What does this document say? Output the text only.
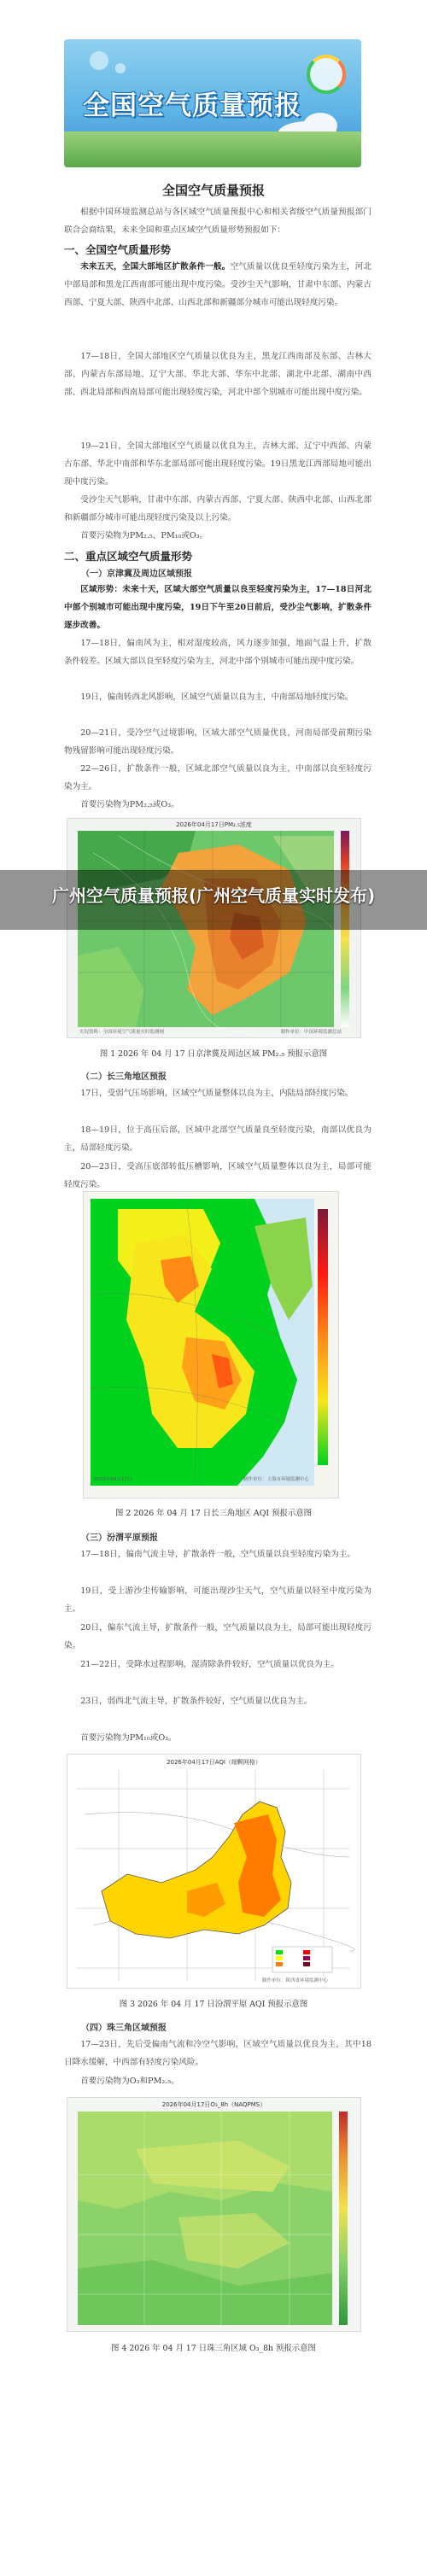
全国空气质量预报
全国空气质量预报
根据中国环境监测总站与各区域空气质量预报中心和相关省级空气质量预报部门联合会商结果，未来全国和重点区域空气质量形势预报如下：
一、全国空气质量形势
未来五天，全国大部地区扩散条件一般。空气质量以优良至轻度污染为主，河北中部局部和黑龙江西南部可能出现中度污染。受沙尘天气影响，甘肃中东部、内蒙古西部、宁夏大部、陕西中北部、山西北部和新疆部分城市可能出现轻度污染。
17—18日，全国大部地区空气质量以优良为主，黑龙江西南部及东部、吉林大部、内蒙古东部局地、辽宁大部、华北大部、华东中北部、湖北中北部、湖南中西部、西北局部和西南局部可能出现轻度污染，河北中部个别城市可能出现中度污染。
19—21日，全国大部地区空气质量以优良为主，吉林大部、辽宁中西部、内蒙古东部、华北中南部和华东北部局部可能出现轻度污染。19日黑龙江西部局地可能出现中度污染。
受沙尘天气影响，甘肃中东部、内蒙古西部、宁夏大部、陕西中北部、山西北部和新疆部分城市可能出现轻度污染及以上污染。
首要污染物为PM₂.₅、PM₁₀或O₃。
二、重点区域空气质量形势
（一）京津冀及周边区域预报
区域形势：未来十天，区域大部空气质量以良至轻度污染为主，17—18日河北中部个别城市可能出现中度污染，19日下午至20日前后，受沙尘气影响，扩散条件逐步改善。
17—18日，偏南风为主，相对湿度较高，风力逐步加强，地面气温上升，扩散条件较差。区域大部以良至轻度污染为主，河北中部个别城市可能出现中度污染。
19日，偏南转西北风影响，区域空气质量以良为主，中南部局地轻度污染。
20—21日，受冷空气过境影响，区域大部空气质量优良，河南局部受前期污染物残留影响可能出现轻度污染。
22—26日，扩散条件一般，区域北部空气质量以良为主，中南部以良至轻度污染为主。
首要污染物为PM₂.₅或O₃。
2026年04月17日PM₂.₅浓度
实况资料：全国环境空气质量实时监测网	制作单位：中国环境监测总站
图 1 2026 年 04 月 17 日京津冀及周边区域 PM₂.₅ 预报示意图
（二）长三角地区预报
17日，受弱气压场影响，区域空气质量整体以良为主，内陆局部轻度污染。
18—19日，位于高压后部，区域中北部空气质量良至轻度污染，南部以优良为主，局部轻度污染。
20—23日，受高压底部转低压槽影响，区域空气质量整体以良为主，局部可能轻度污染。
2026年04月17日	制作单位：上海市环境监测中心
图 2 2026 年 04 月 17 日长三角地区 AQI 预报示意图
（三）汾渭平原预报
17—18日，偏南气流主导，扩散条件一般，空气质量以良至轻度污染为主。
19日，受上游沙尘传输影响，可能出现沙尘天气，空气质量以轻至中度污染为主。
20日，偏东气流主导，扩散条件一般，空气质量以良为主，局部可能出现轻度污染。
21—22日，受降水过程影响，湿清除条件较好，空气质量以优良为主。
23日，弱西北气流主导，扩散条件较好，空气质量以优良为主。
首要污染物为PM₁₀或O₃。
2026年04月17日AQI（细颗网格）
制作单位：陕西省环境监测中心
图 3 2026 年 04 月 17 日汾渭平原 AQI 预报示意图
（四）珠三角区域预报
17—23日，先后受偏南气流和冷空气影响，区域空气质量以优良为主，其中18日降水缓解，中西部有轻度污染风险。
首要污染物为O₃和PM₂.₅。
2026年04月17日O₃_8h（NAQPMS）
图 4 2026 年 04 月 17 日珠三角区域 O₃_8h 预报示意图
广州空气质量预报(广州空气质量实时发布)
